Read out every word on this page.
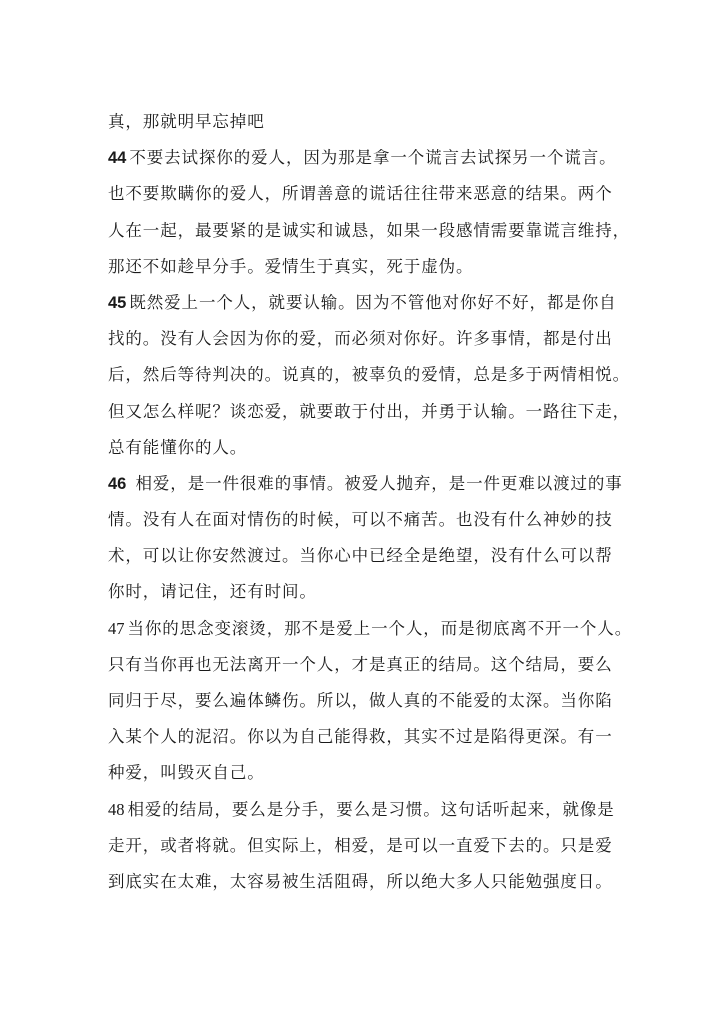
真，那就明早忘掉吧
44 不要去试探你的爱人，因为那是拿一个谎言去试探另一个谎言。
也不要欺瞒你的爱人，所谓善意的谎话往往带来恶意的结果。两个
人在一起，最要紧的是诚实和诚恳，如果一段感情需要靠谎言维持，
那还不如趁早分手。爱情生于真实，死于虚伪。
45 既然爱上一个人，就要认输。因为不管他对你好不好，都是你自
找的。没有人会因为你的爱，而必须对你好。许多事情，都是付出
后，然后等待判决的。说真的，被辜负的爱情，总是多于两情相悦。
但又怎么样呢？谈恋爱，就要敢于付出，并勇于认输。一路往下走，
总有能懂你的人。
46 相爱，是一件很难的事情。被爱人抛弃，是一件更难以渡过的事
情。没有人在面对情伤的时候，可以不痛苦。也没有什么神妙的技
术，可以让你安然渡过。当你心中已经全是绝望，没有什么可以帮
你时，请记住，还有时间。
47 当你的思念变滚烫，那不是爱上一个人，而是彻底离不开一个人。
只有当你再也无法离开一个人，才是真正的结局。这个结局，要么
同归于尽，要么遍体鳞伤。所以，做人真的不能爱的太深。当你陷
入某个人的泥沼。你以为自己能得救，其实不过是陷得更深。有一
种爱，叫毁灭自己。
48 相爱的结局，要么是分手，要么是习惯。这句话听起来，就像是
走开，或者将就。但实际上，相爱，是可以一直爱下去的。只是爱
到底实在太难，太容易被生活阻碍，所以绝大多人只能勉强度日。
